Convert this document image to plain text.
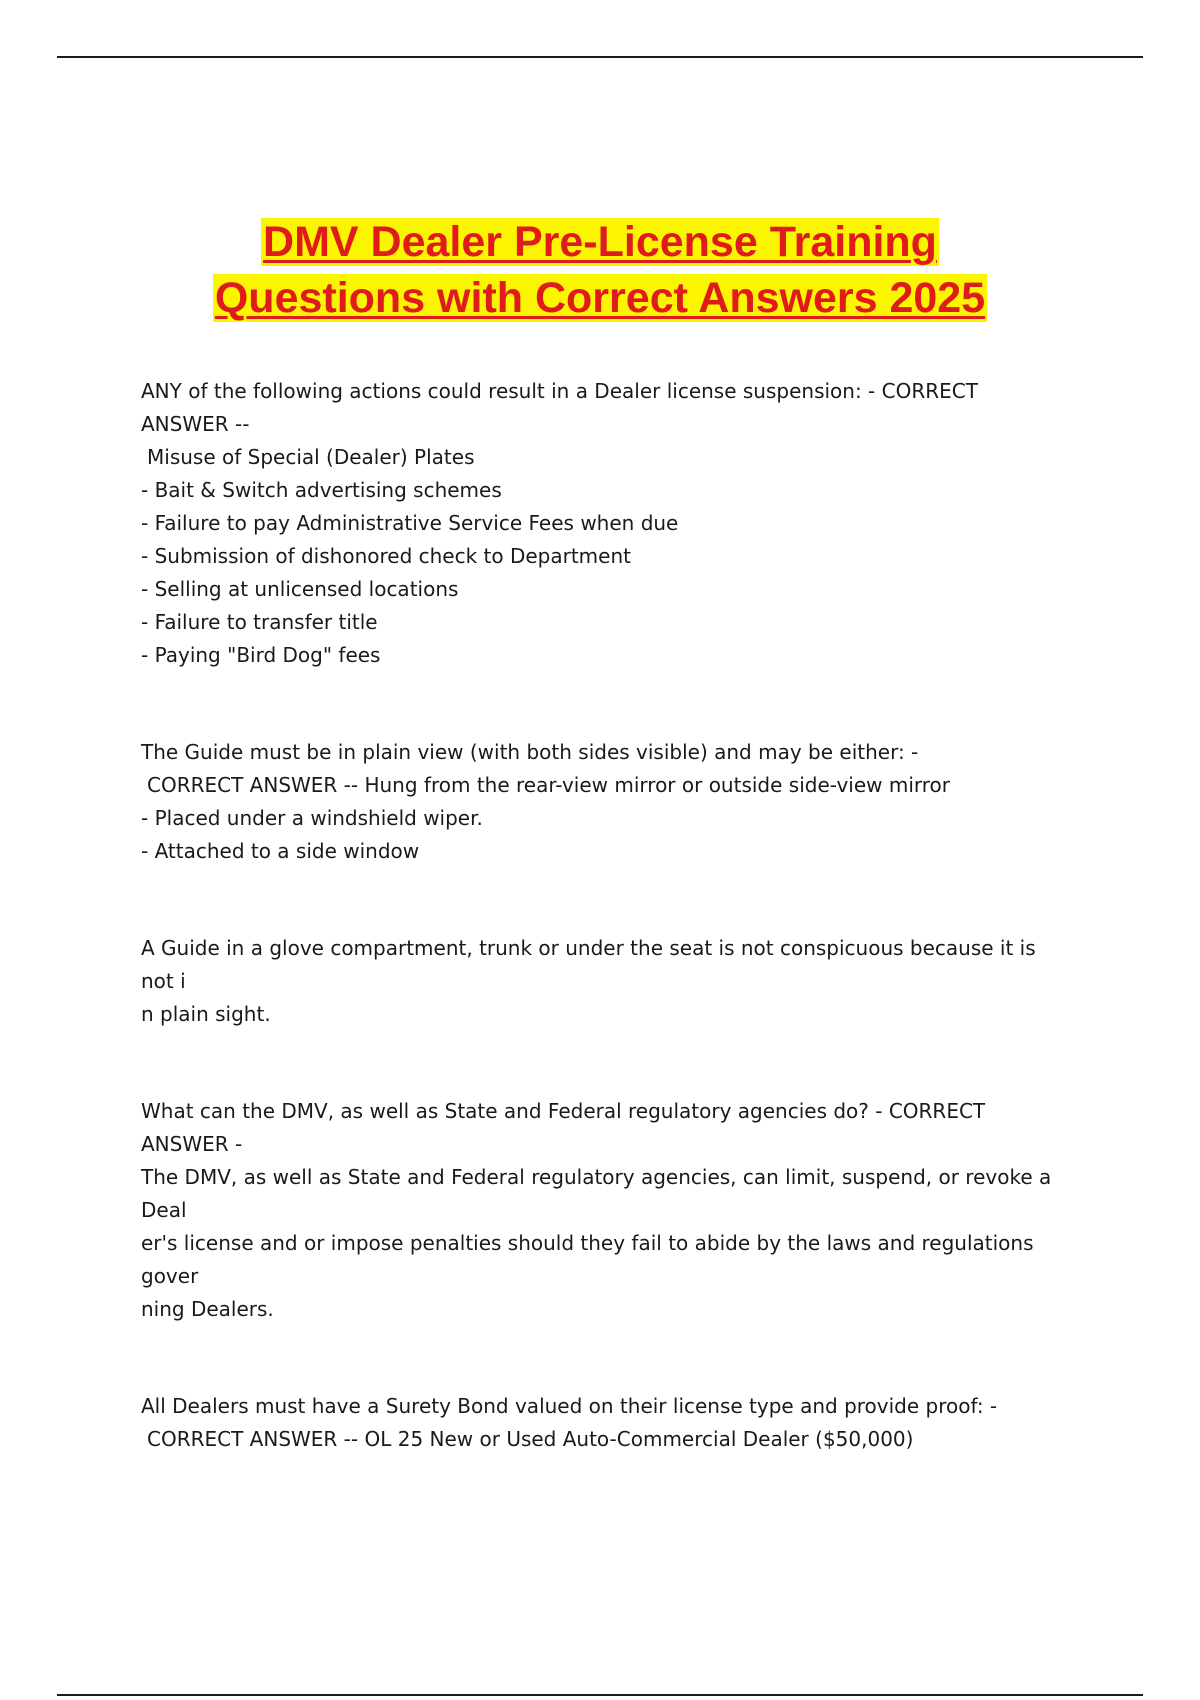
DMV Dealer Pre-License Training
Questions with Correct Answers 2025

ANY of the following actions could result in a Dealer license suspension: - CORRECT ANSWER --

Misuse of Special (Dealer) Plates

- Bait & Switch advertising schemes

- Failure to pay Administrative Service Fees when due

- Submission of dishonored check to Department

- Selling at unlicensed locations

- Failure to transfer title

- Paying "Bird Dog" fees

The Guide must be in plain view (with both sides visible) and may be either: -

CORRECT ANSWER -- Hung from the rear-view mirror or outside side-view mirror

- Placed under a windshield wiper.

- Attached to a side window

A Guide in a glove compartment, trunk or under the seat is not conspicuous because it is not i

n plain sight.

What can the DMV, as well as State and Federal regulatory agencies do? - CORRECT ANSWER -

The DMV, as well as State and Federal regulatory agencies, can limit, suspend, or revoke a Deal

er's license and or impose penalties should they fail to abide by the laws and regulations gover

ning Dealers.

All Dealers must have a Surety Bond valued on their license type and provide proof: -

CORRECT ANSWER -- OL 25 New or Used Auto-Commercial Dealer ($50,000)
